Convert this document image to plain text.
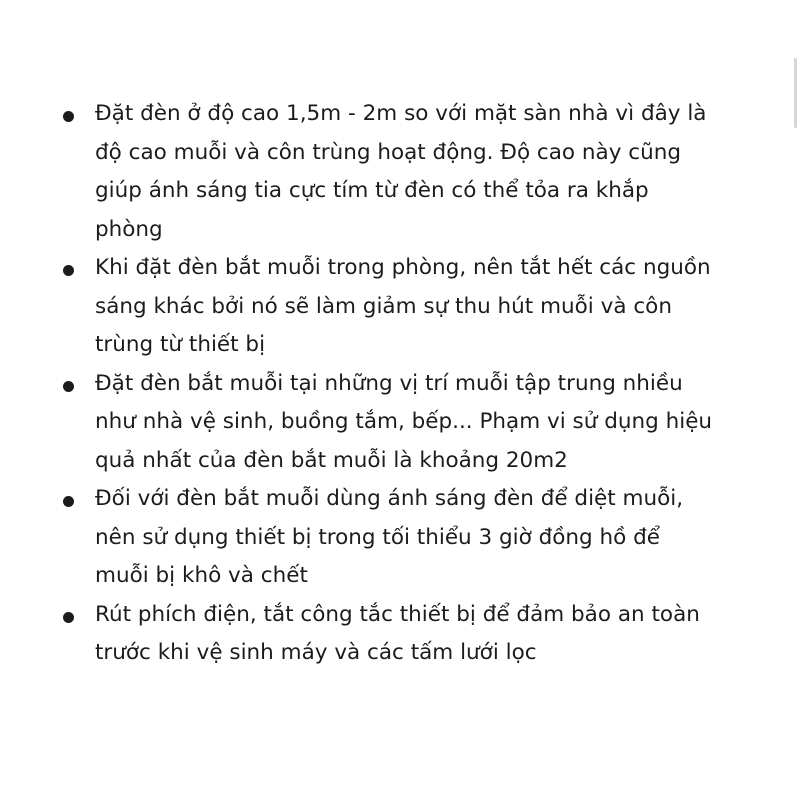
Đặt đèn ở độ cao 1,5m - 2m so với mặt sàn nhà vì đây là
độ cao muỗi và côn trùng hoạt động. Độ cao này cũng
giúp ánh sáng tia cực tím từ đèn có thể tỏa ra khắp
phòng
Khi đặt đèn bắt muỗi trong phòng, nên tắt hết các nguồn
sáng khác bởi nó sẽ làm giảm sự thu hút muỗi và côn
trùng từ thiết bị
Đặt đèn bắt muỗi tại những vị trí muỗi tập trung nhiều
như nhà vệ sinh, buồng tắm, bếp... Phạm vi sử dụng hiệu
quả nhất của đèn bắt muỗi là khoảng 20m2
Đối với đèn bắt muỗi dùng ánh sáng đèn để diệt muỗi,
nên sử dụng thiết bị trong tối thiểu 3 giờ đồng hồ để
muỗi bị khô và chết
Rút phích điện, tắt công tắc thiết bị để đảm bảo an toàn
trước khi vệ sinh máy và các tấm lưới lọc
